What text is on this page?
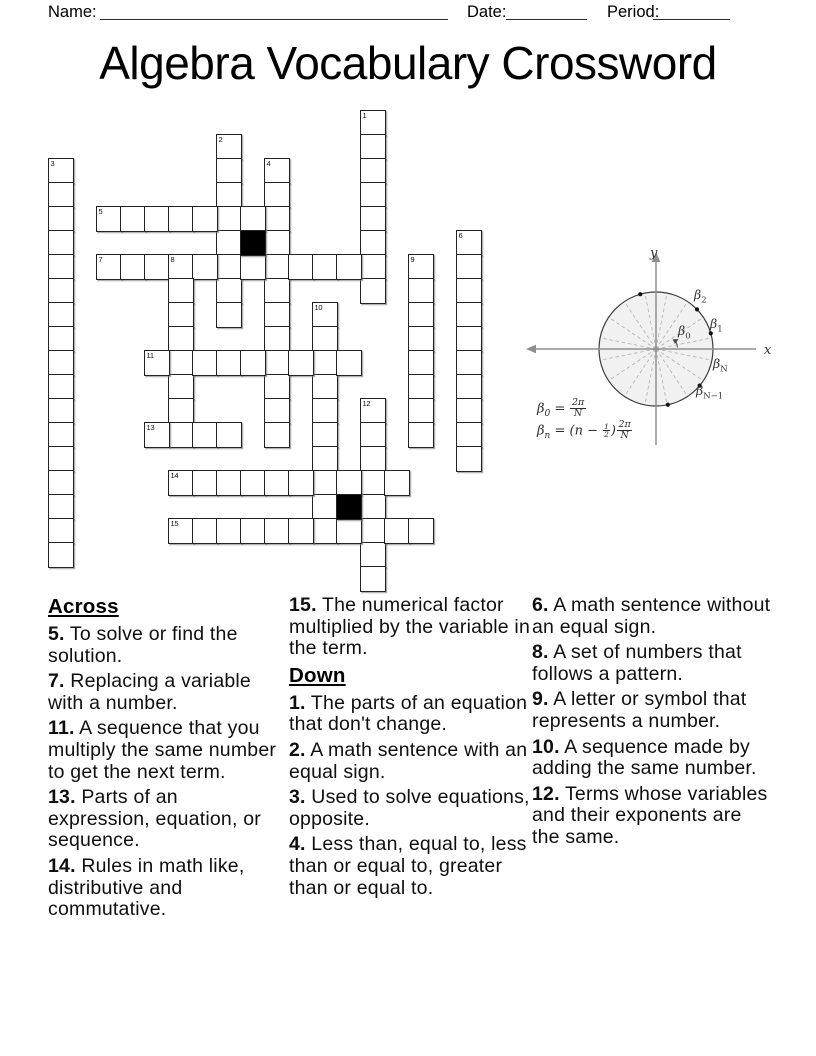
Name:	Date:	Period:
Algebra Vocabulary Crossword
1
2
3	4
5
6
7	8	9
10
11
12
13
14
15
x
y
$\beta_2$
$\beta_1$
$\beta_0$
$\beta_N$
$\beta_{N-1}$
$\beta_0 = \frac{2\pi}{N}$
$\beta_n = (n - \frac{1}{2}$ ) $\frac{2\pi}{N}$

Across

5. To solve or find the solution.

7. Replacing a variable with a number.

11. A sequence that you multiply the same number to get the next term.

13. Parts of an expression, equation, or sequence.

14. Rules in math like, distributive and commutative.

15. The numerical factor multiplied by the variable in the term.

Down

1. The parts of an equation that don't change.

2. A math sentence with an equal sign.

3. Used to solve equations, opposite.

4. Less than, equal to, less than or equal to, greater than or equal to.

6. A math sentence without an equal sign.

8. A set of numbers that follows a pattern.

9. A letter or symbol that represents a number.

10. A sequence made by adding the same number.

12. Terms whose variables and their exponents are the same.
